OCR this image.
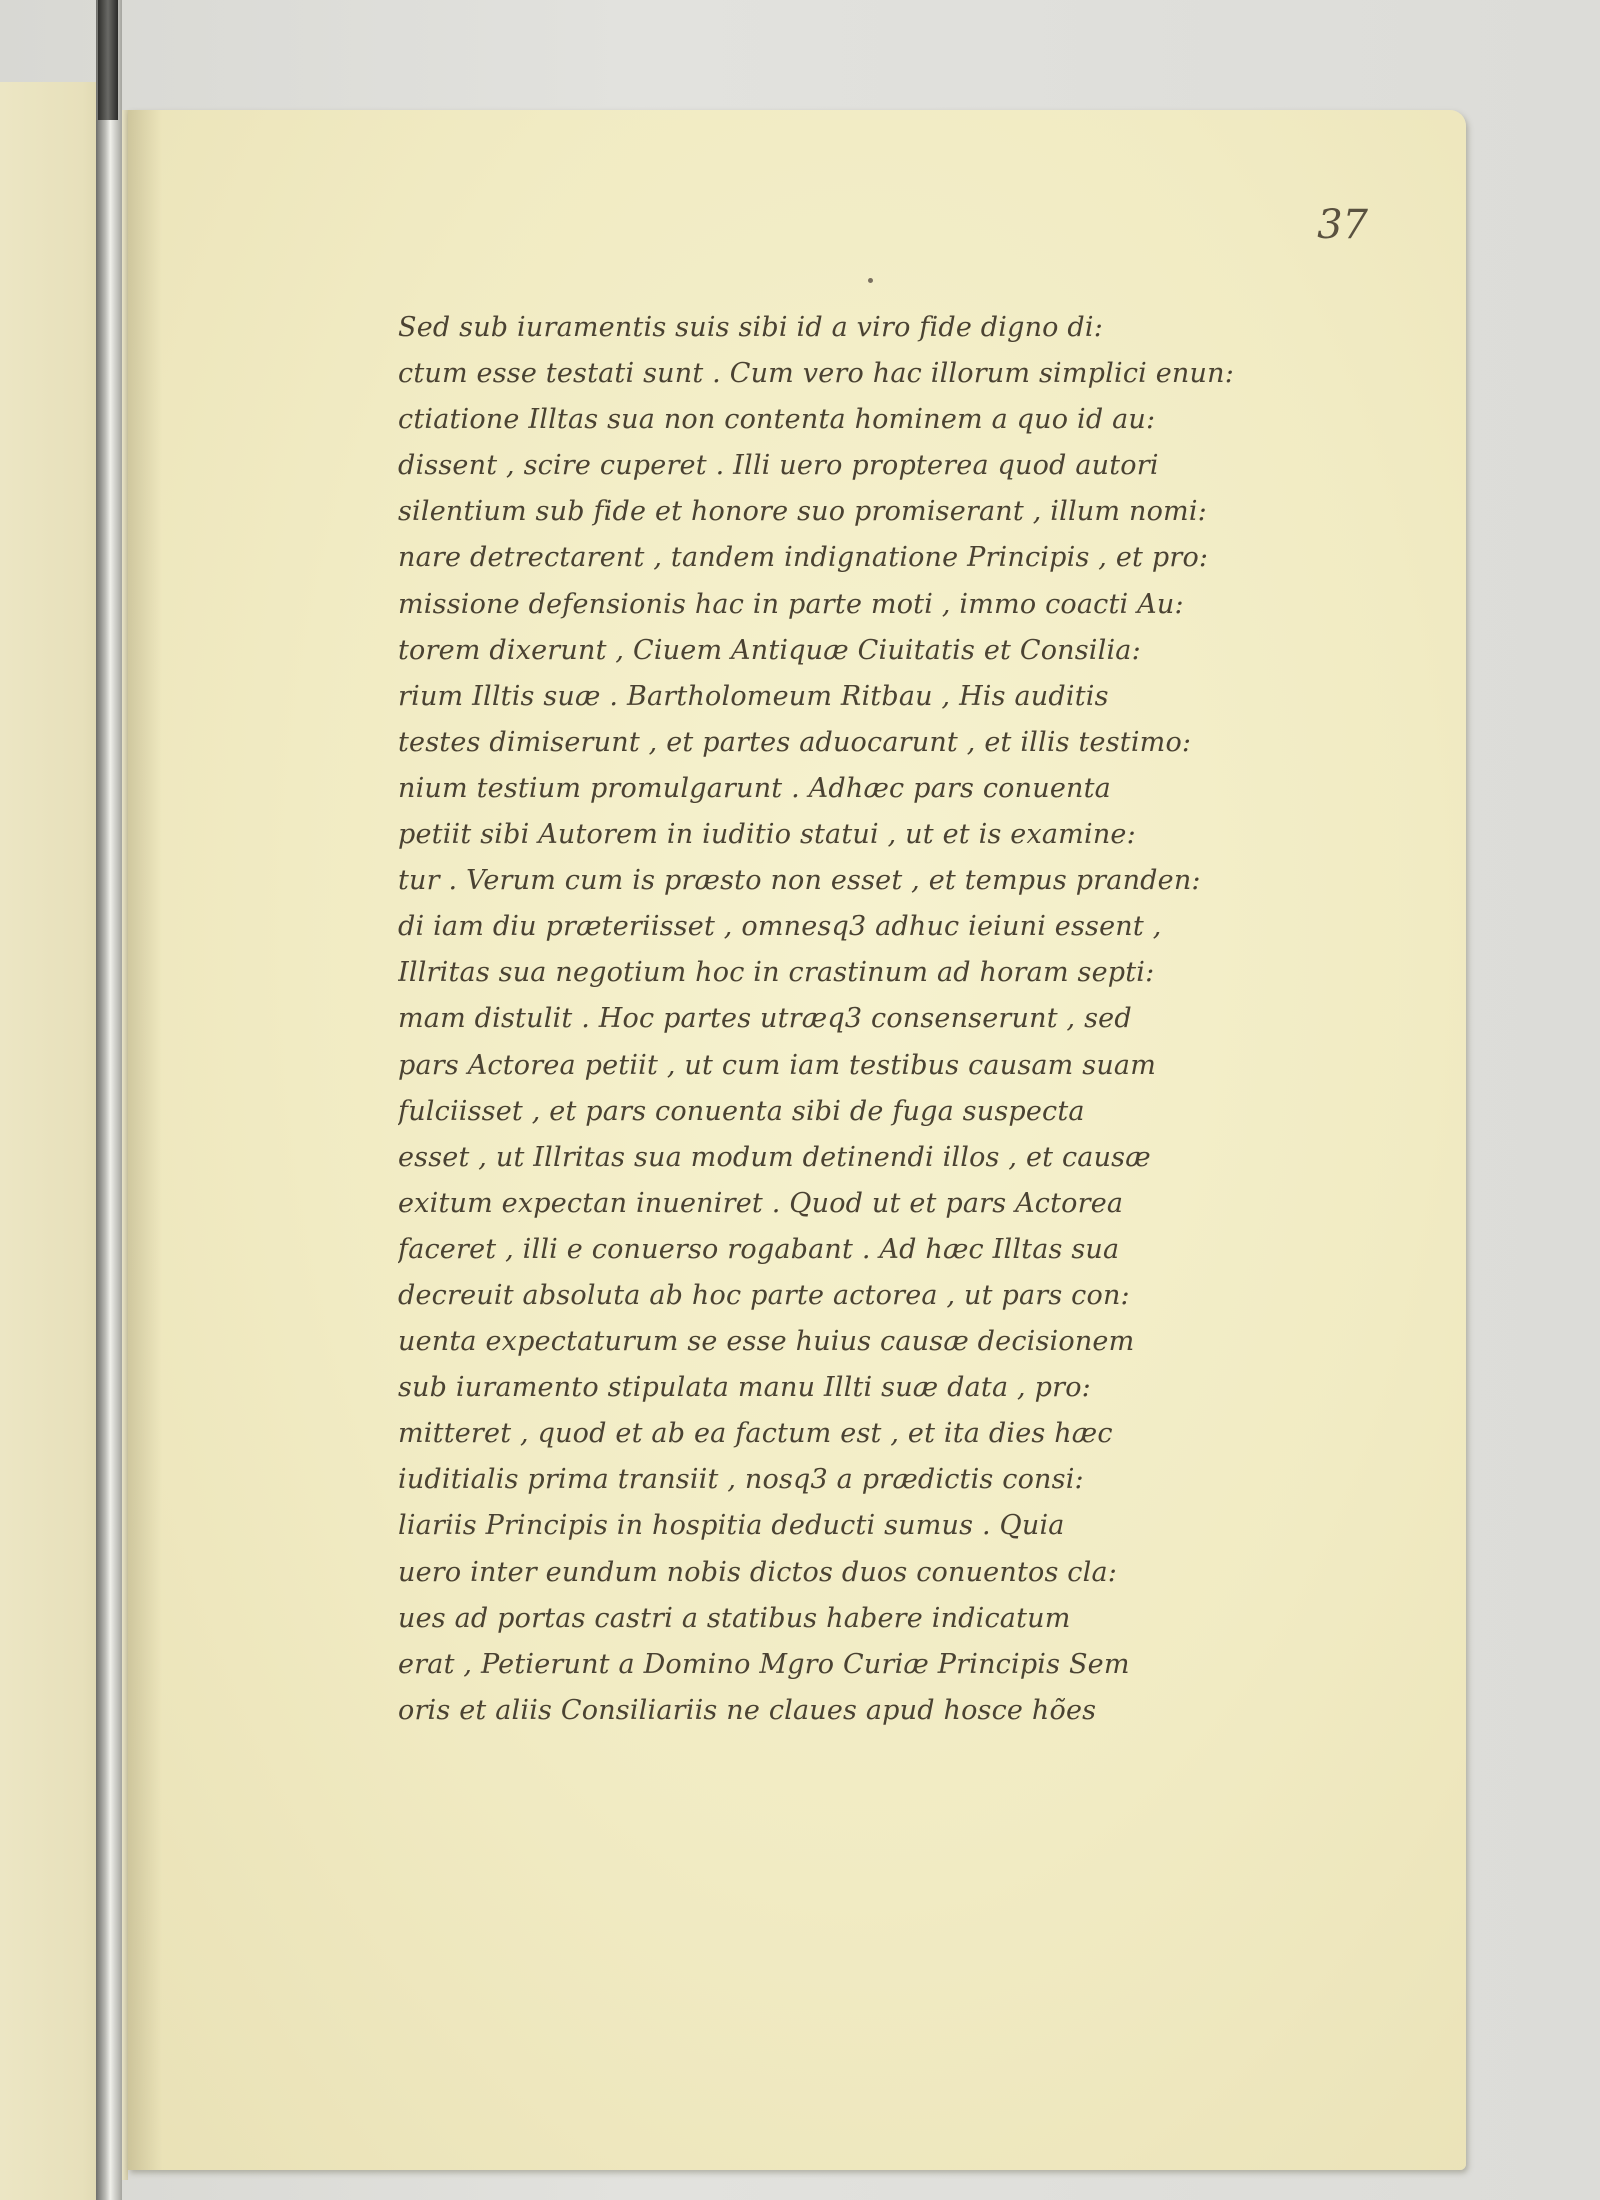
37
Sed sub iuramentis suis sibi id a viro fide digno di:
ctum esse testati sunt . Cum vero hac illorum simplici enun:
ctiatione Illtas sua non contenta hominem a quo id au:
dissent , scire cuperet . Illi uero propterea quod autori
silentium sub fide et honore suo promiserant , illum nomi:
nare detrectarent , tandem indignatione Principis , et pro:
missione defensionis hac in parte moti , immo coacti Au:
torem dixerunt , Ciuem Antiquæ Ciuitatis et Consilia:
rium Illtis suæ . Bartholomeum Ritbau , His auditis
testes dimiserunt , et partes aduocarunt , et illis testimo:
nium testium promulgarunt . Adhæc pars conuenta
petiit sibi Autorem in iuditio statui , ut et is examine:
tur . Verum cum is præsto non esset , et tempus pranden:
di iam diu præteriisset , omnesq3 adhuc ieiuni essent ,
Illritas sua negotium hoc in crastinum ad horam septi:
mam distulit . Hoc partes utræq3 consenserunt , sed
pars Actorea petiit , ut cum iam testibus causam suam
fulciisset , et pars conuenta sibi de fuga suspecta
esset , ut Illritas sua modum detinendi illos , et causæ
exitum expectan inueniret . Quod ut et pars Actorea
faceret , illi e conuerso rogabant . Ad hæc Illtas sua
decreuit absoluta ab hoc parte actorea , ut pars con:
uenta expectaturum se esse huius causæ decisionem
sub iuramento stipulata manu Illti suæ data , pro:
mitteret , quod et ab ea factum est , et ita dies hæc
iuditialis prima transiit , nosq3 a prædictis consi:
liariis Principis in hospitia deducti sumus . Quia
uero inter eundum nobis dictos duos conuentos cla:
ues ad portas castri a statibus habere indicatum
erat , Petierunt a Domino Mgro Curiæ Principis Sem
oris et aliis Consiliariis ne claues apud hosce hões
